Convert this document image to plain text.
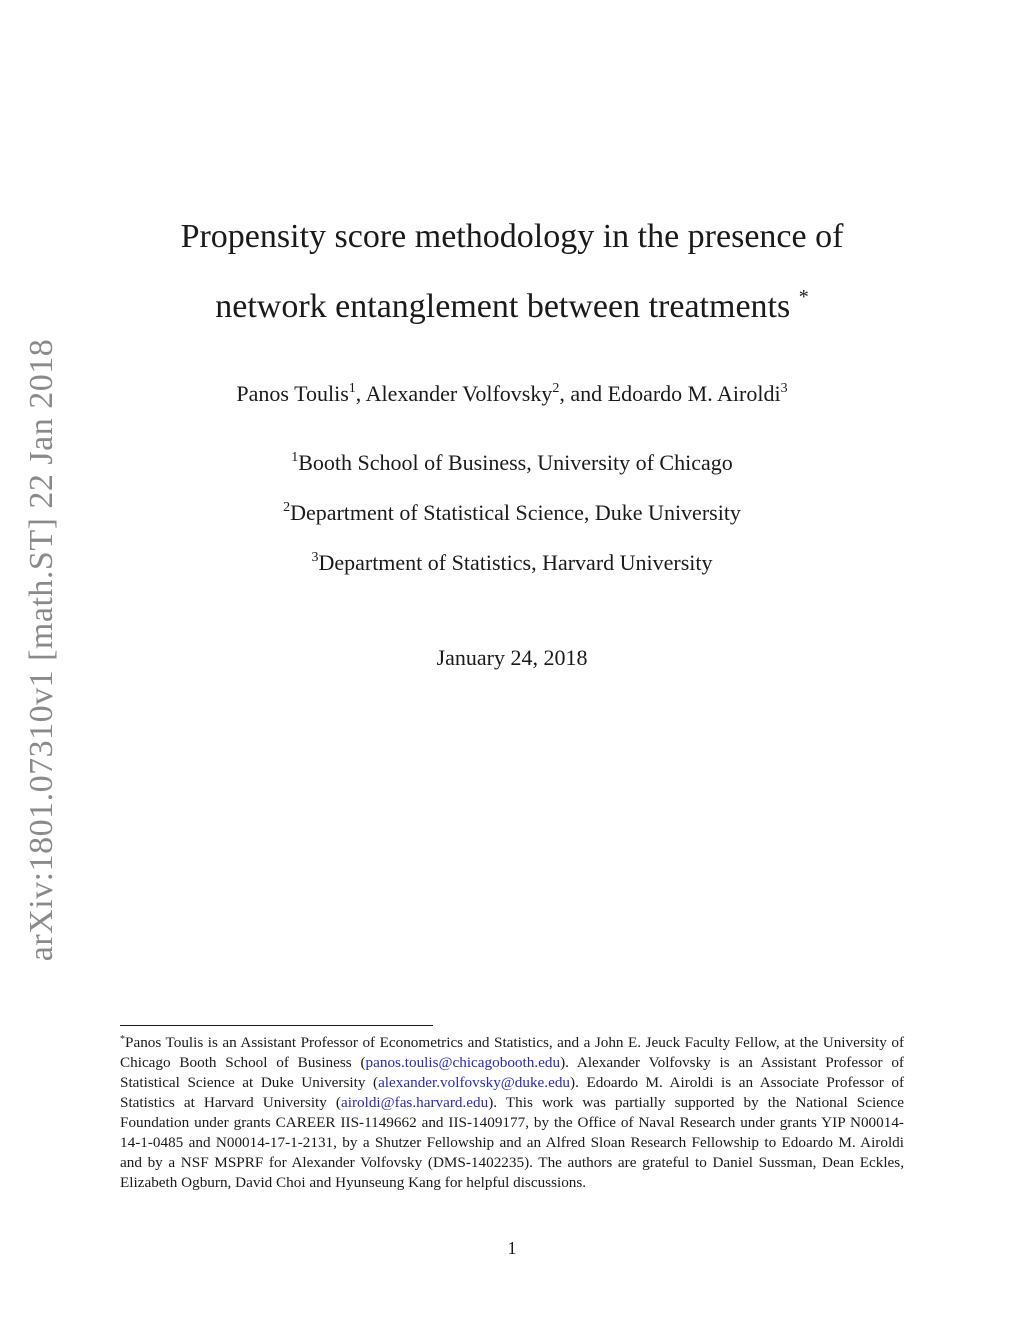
arXiv:1801.07310v1 [math.ST] 22 Jan 2018
Propensity score methodology in the presence of
network entanglement between treatments *
Panos Toulis$^1$, Alexander Volfovsky$^2$, and Edoardo M. Airoldi$^3$
$^1$Booth School of Business, University of Chicago
$^2$Department of Statistical Science, Duke University
$^3$Department of Statistics, Harvard University
January 24, 2018
*Panos Toulis is an Assistant Professor of Econometrics and Statistics, and a John E. Jeuck Faculty Fellow, at the University of Chicago Booth School of Business (panos.toulis@chicagobooth.edu). Alexander Volfovsky is an Assistant Professor of Statistical Science at Duke University (alexander.volfovsky@duke.edu). Edoardo M. Airoldi is an Associate Professor of Statistics at Harvard University (airoldi@fas.harvard.edu). This work was partially supported by the National Science Foundation under grants CAREER IIS-1149662 and IIS-1409177, by the Office of Naval Research under grants YIP N00014-14-1-0485 and N00014-17-1-2131, by a Shutzer Fellowship and an Alfred Sloan Research Fellowship to Edoardo M. Airoldi and by a NSF MSPRF for Alexander Volfovsky (DMS-1402235). The authors are grateful to Daniel Sussman, Dean Eckles, Elizabeth Ogburn, David Choi and Hyunseung Kang for helpful discussions.
1
